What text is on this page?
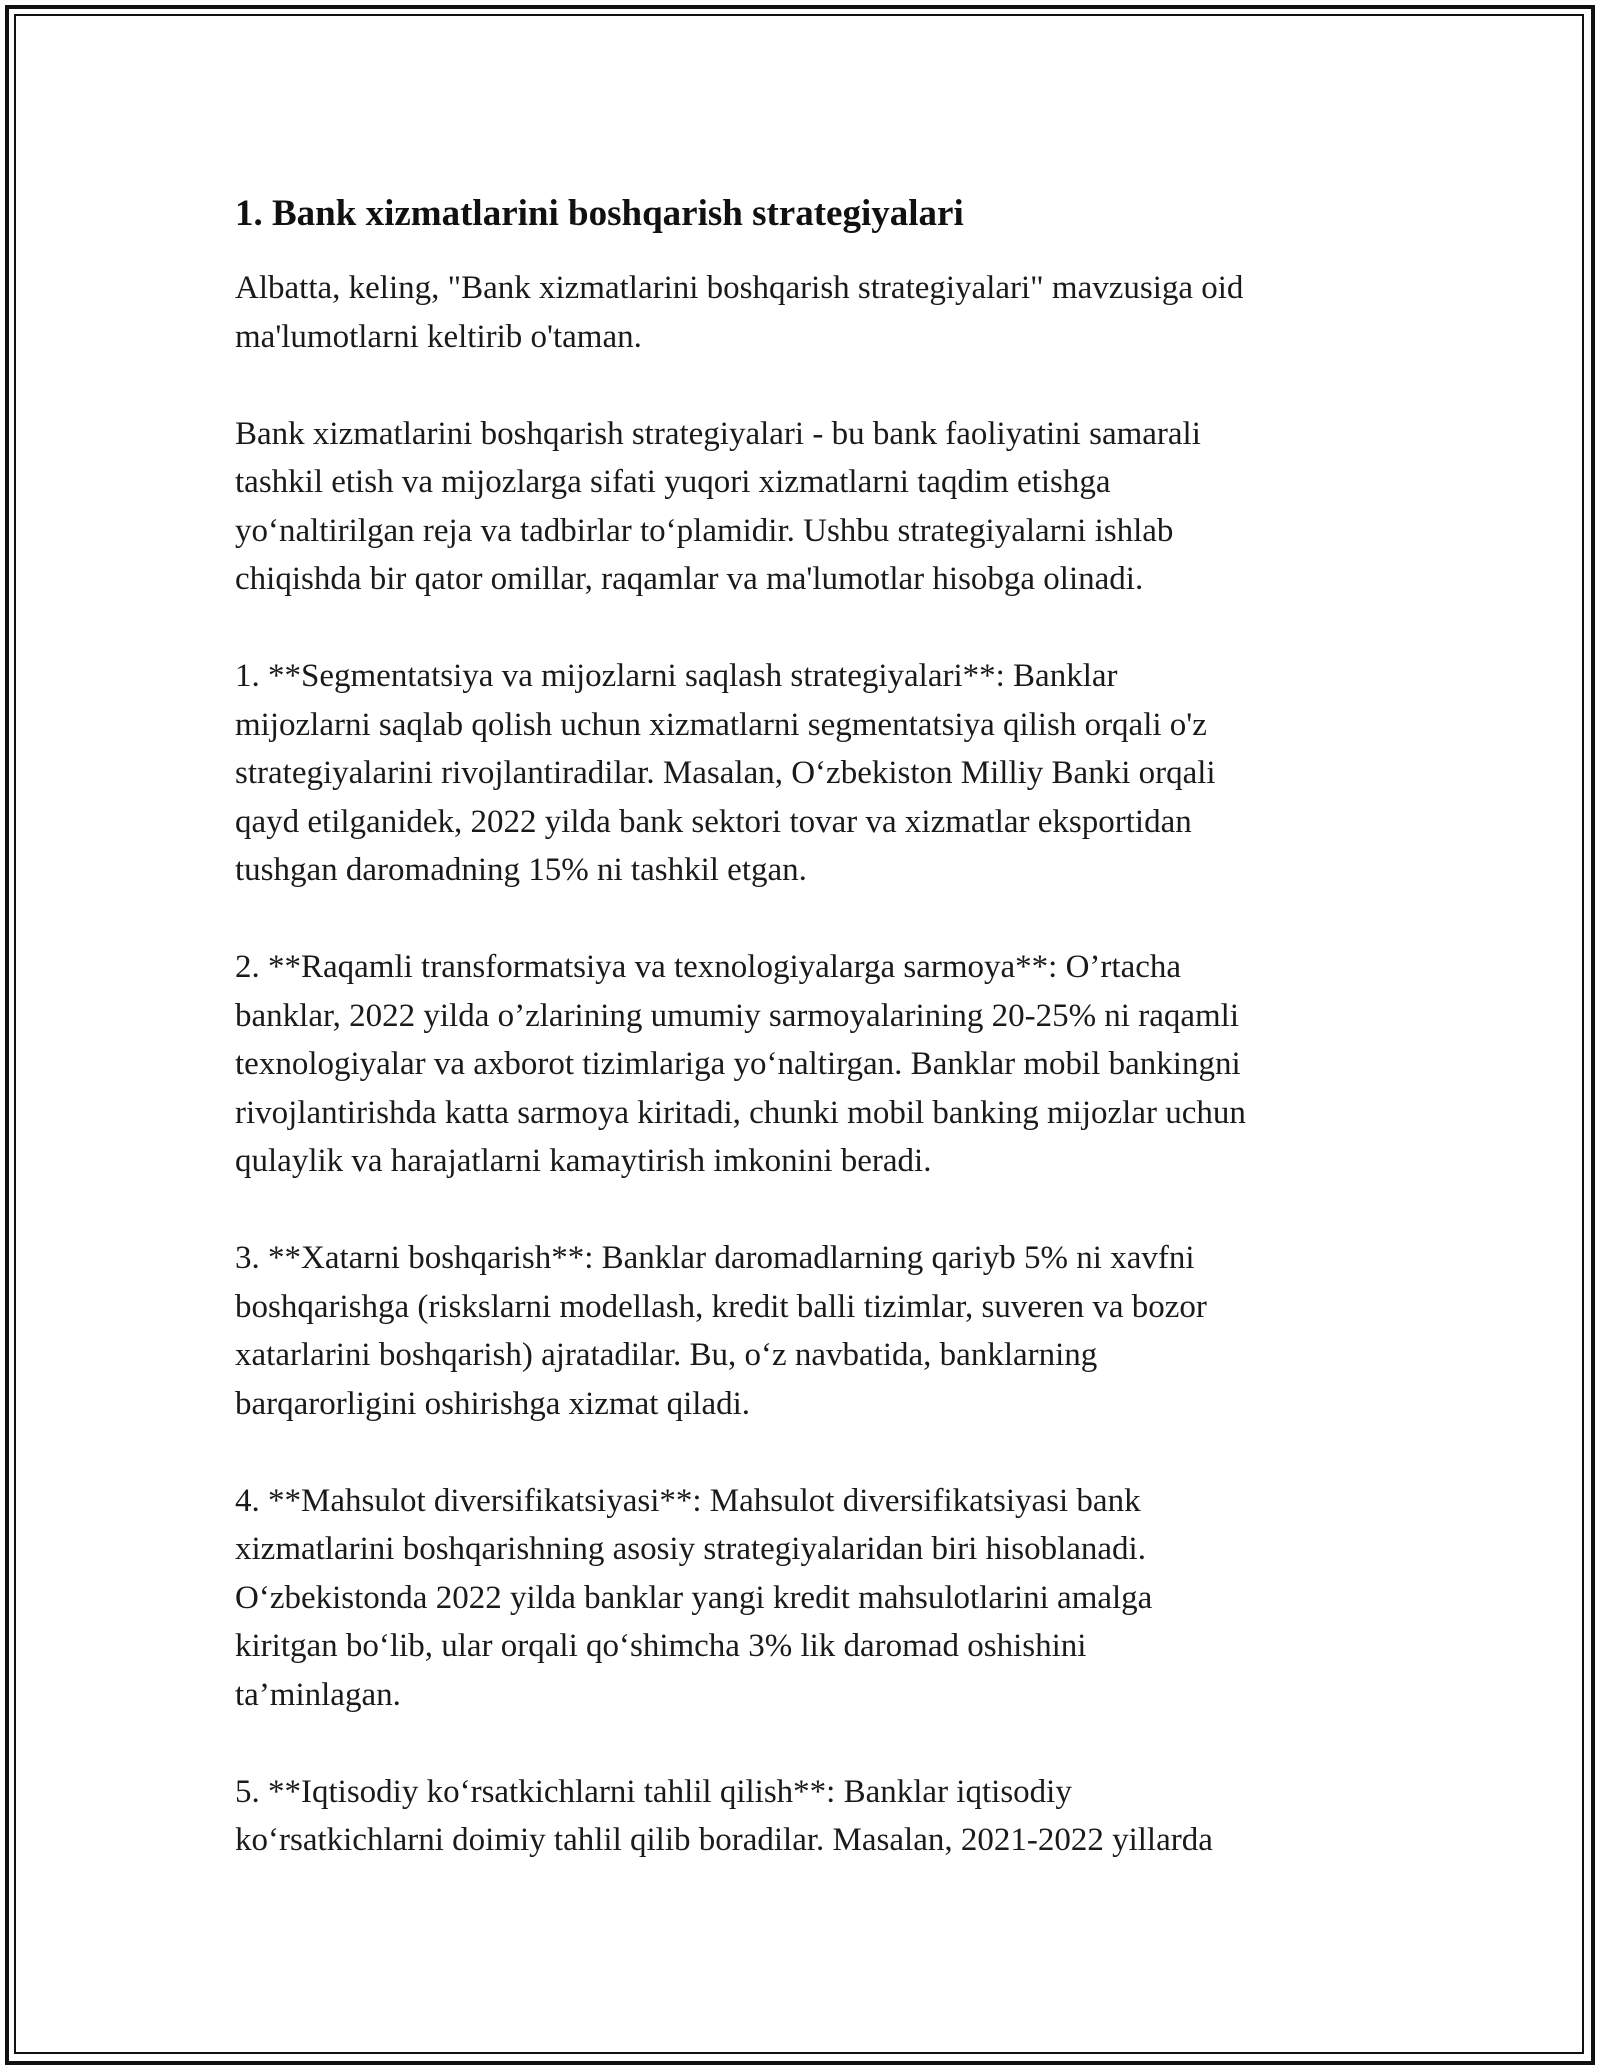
1. Bank xizmatlarini boshqarish strategiyalari

Albatta, keling, "Bank xizmatlarini boshqarish strategiyalari" mavzusiga oid
ma'lumotlarni keltirib o'taman.

Bank xizmatlarini boshqarish strategiyalari - bu bank faoliyatini samarali
tashkil etish va mijozlarga sifati yuqori xizmatlarni taqdim etishga
yo‘naltirilgan reja va tadbirlar to‘plamidir. Ushbu strategiyalarni ishlab
chiqishda bir qator omillar, raqamlar va ma'lumotlar hisobga olinadi.

1. **Segmentatsiya va mijozlarni saqlash strategiyalari**: Banklar
mijozlarni saqlab qolish uchun xizmatlarni segmentatsiya qilish orqali o'z
strategiyalarini rivojlantiradilar. Masalan, O‘zbekiston Milliy Banki orqali
qayd etilganidek, 2022 yilda bank sektori tovar va xizmatlar eksportidan
tushgan daromadning 15% ni tashkil etgan.

2. **Raqamli transformatsiya va texnologiyalarga sarmoya**: O’rtacha
banklar, 2022 yilda o’zlarining umumiy sarmoyalarining 20-25% ni raqamli
texnologiyalar va axborot tizimlariga yo‘naltirgan. Banklar mobil bankingni
rivojlantirishda katta sarmoya kiritadi, chunki mobil banking mijozlar uchun
qulaylik va harajatlarni kamaytirish imkonini beradi.

3. **Xatarni boshqarish**: Banklar daromadlarning qariyb 5% ni xavfni
boshqarishga (riskslarni modellash, kredit balli tizimlar, suveren va bozor
xatarlarini boshqarish) ajratadilar. Bu, o‘z navbatida, banklarning
barqarorligini oshirishga xizmat qiladi.

4. **Mahsulot diversifikatsiyasi**: Mahsulot diversifikatsiyasi bank
xizmatlarini boshqarishning asosiy strategiyalaridan biri hisoblanadi.
O‘zbekistonda 2022 yilda banklar yangi kredit mahsulotlarini amalga
kiritgan bo‘lib, ular orqali qo‘shimcha 3% lik daromad oshishini
ta’minlagan.

5. **Iqtisodiy ko‘rsatkichlarni tahlil qilish**: Banklar iqtisodiy
ko‘rsatkichlarni doimiy tahlil qilib boradilar. Masalan, 2021-2022 yillarda
